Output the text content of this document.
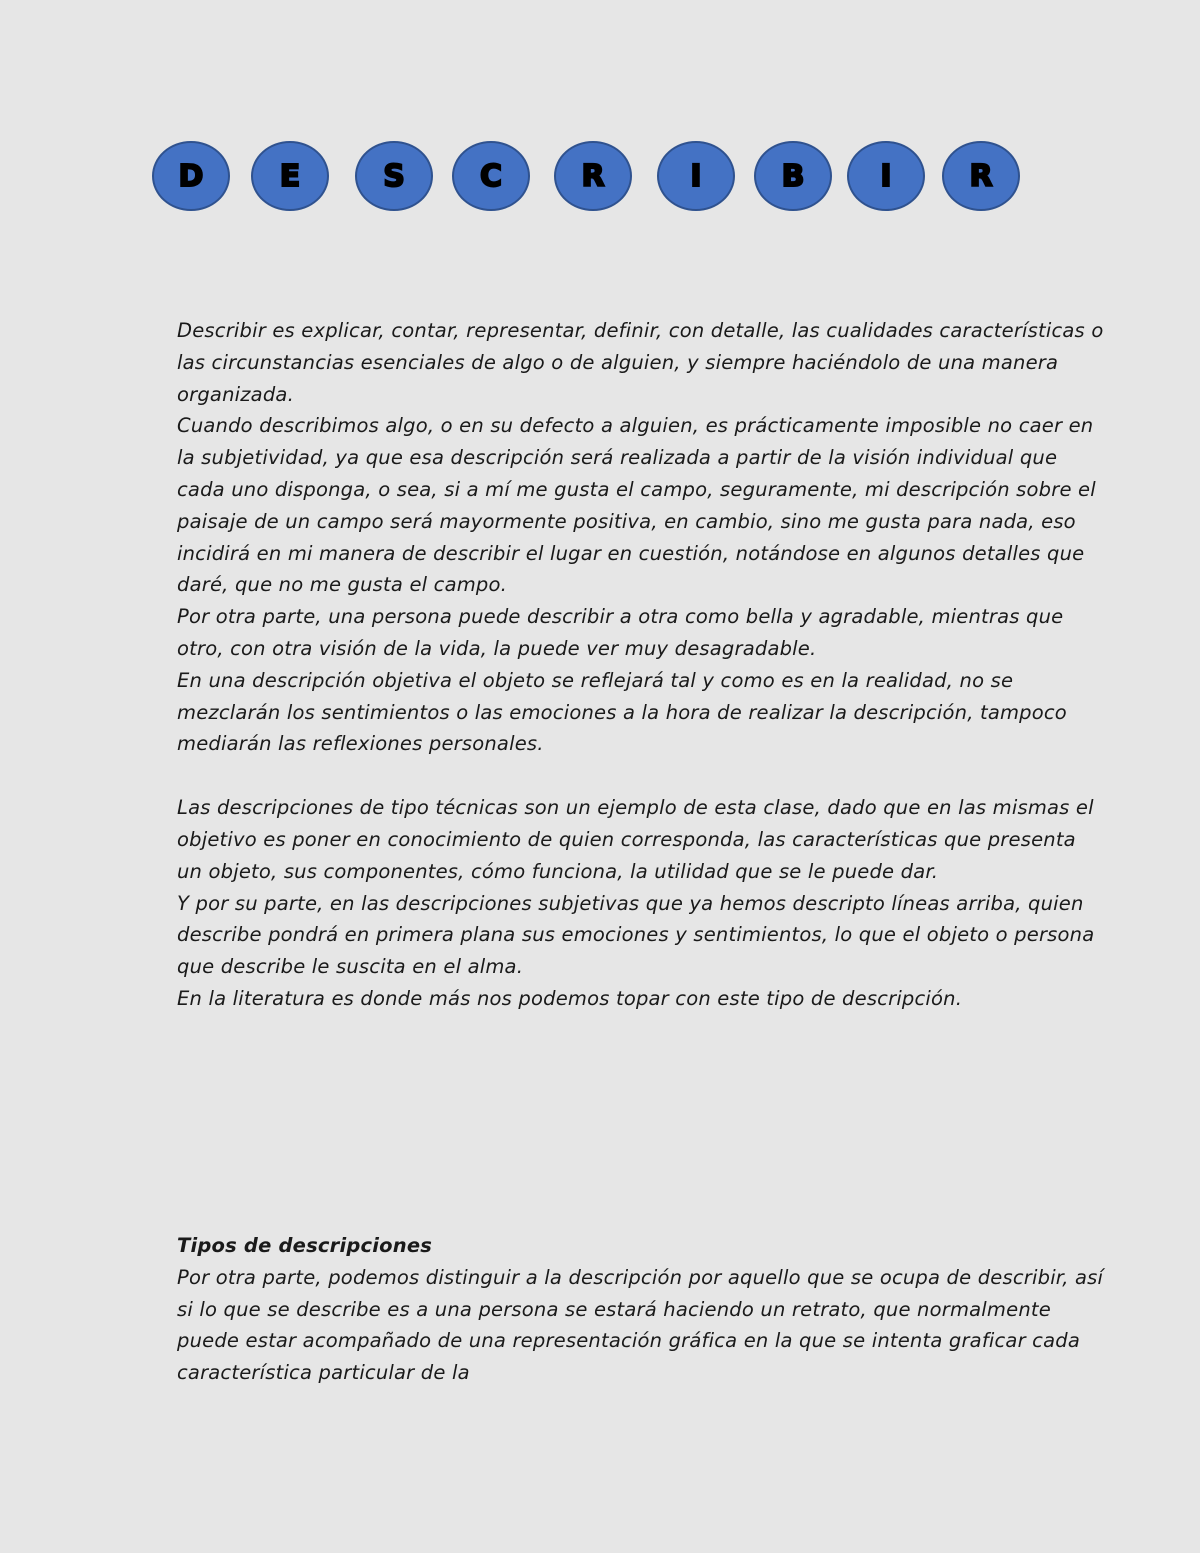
D	E	S	C	R	I	B	I	R

Describir es explicar, contar, representar, definir, con detalle, las cualidades características o las circunstancias esenciales de algo o de alguien, y siempre haciéndolo de una manera organizada.

Cuando describimos algo, o en su defecto a alguien, es prácticamente imposible no caer en la subjetividad, ya que esa descripción será realizada a partir de la visión individual que cada uno disponga, o sea, si a mí me gusta el campo, seguramente, mi descripción sobre el paisaje de un campo será mayormente positiva, en cambio, sino me gusta para nada, eso incidirá en mi manera de describir el lugar en cuestión, notándose en algunos detalles que daré, que no me gusta el campo.

Por otra parte, una persona puede describir a otra como bella y agradable, mientras que otro, con otra visión de la vida, la puede ver muy desagradable.

En una descripción objetiva el objeto se reflejará tal y como es en la realidad, no se mezclarán los sentimientos o las emociones a la hora de realizar la descripción, tampoco mediarán las reflexiones personales.

Las descripciones de tipo técnicas son un ejemplo de esta clase, dado que en las mismas el objetivo es poner en conocimiento de quien corresponda, las características que presenta un objeto, sus componentes, cómo funciona, la utilidad que se le puede dar.

Y por su parte, en las descripciones subjetivas que ya hemos descripto líneas arriba, quien describe pondrá en primera plana sus emociones y sentimientos, lo que el objeto o persona que describe le suscita en el alma.

En la literatura es donde más nos podemos topar con este tipo de descripción.

Tipos de descripciones

Por otra parte, podemos distinguir a la descripción por aquello que se ocupa de describir, así si lo que se describe es a una persona se estará haciendo un retrato, que normalmente puede estar acompañado de una representación gráfica en la que se intenta graficar cada característica particular de la
